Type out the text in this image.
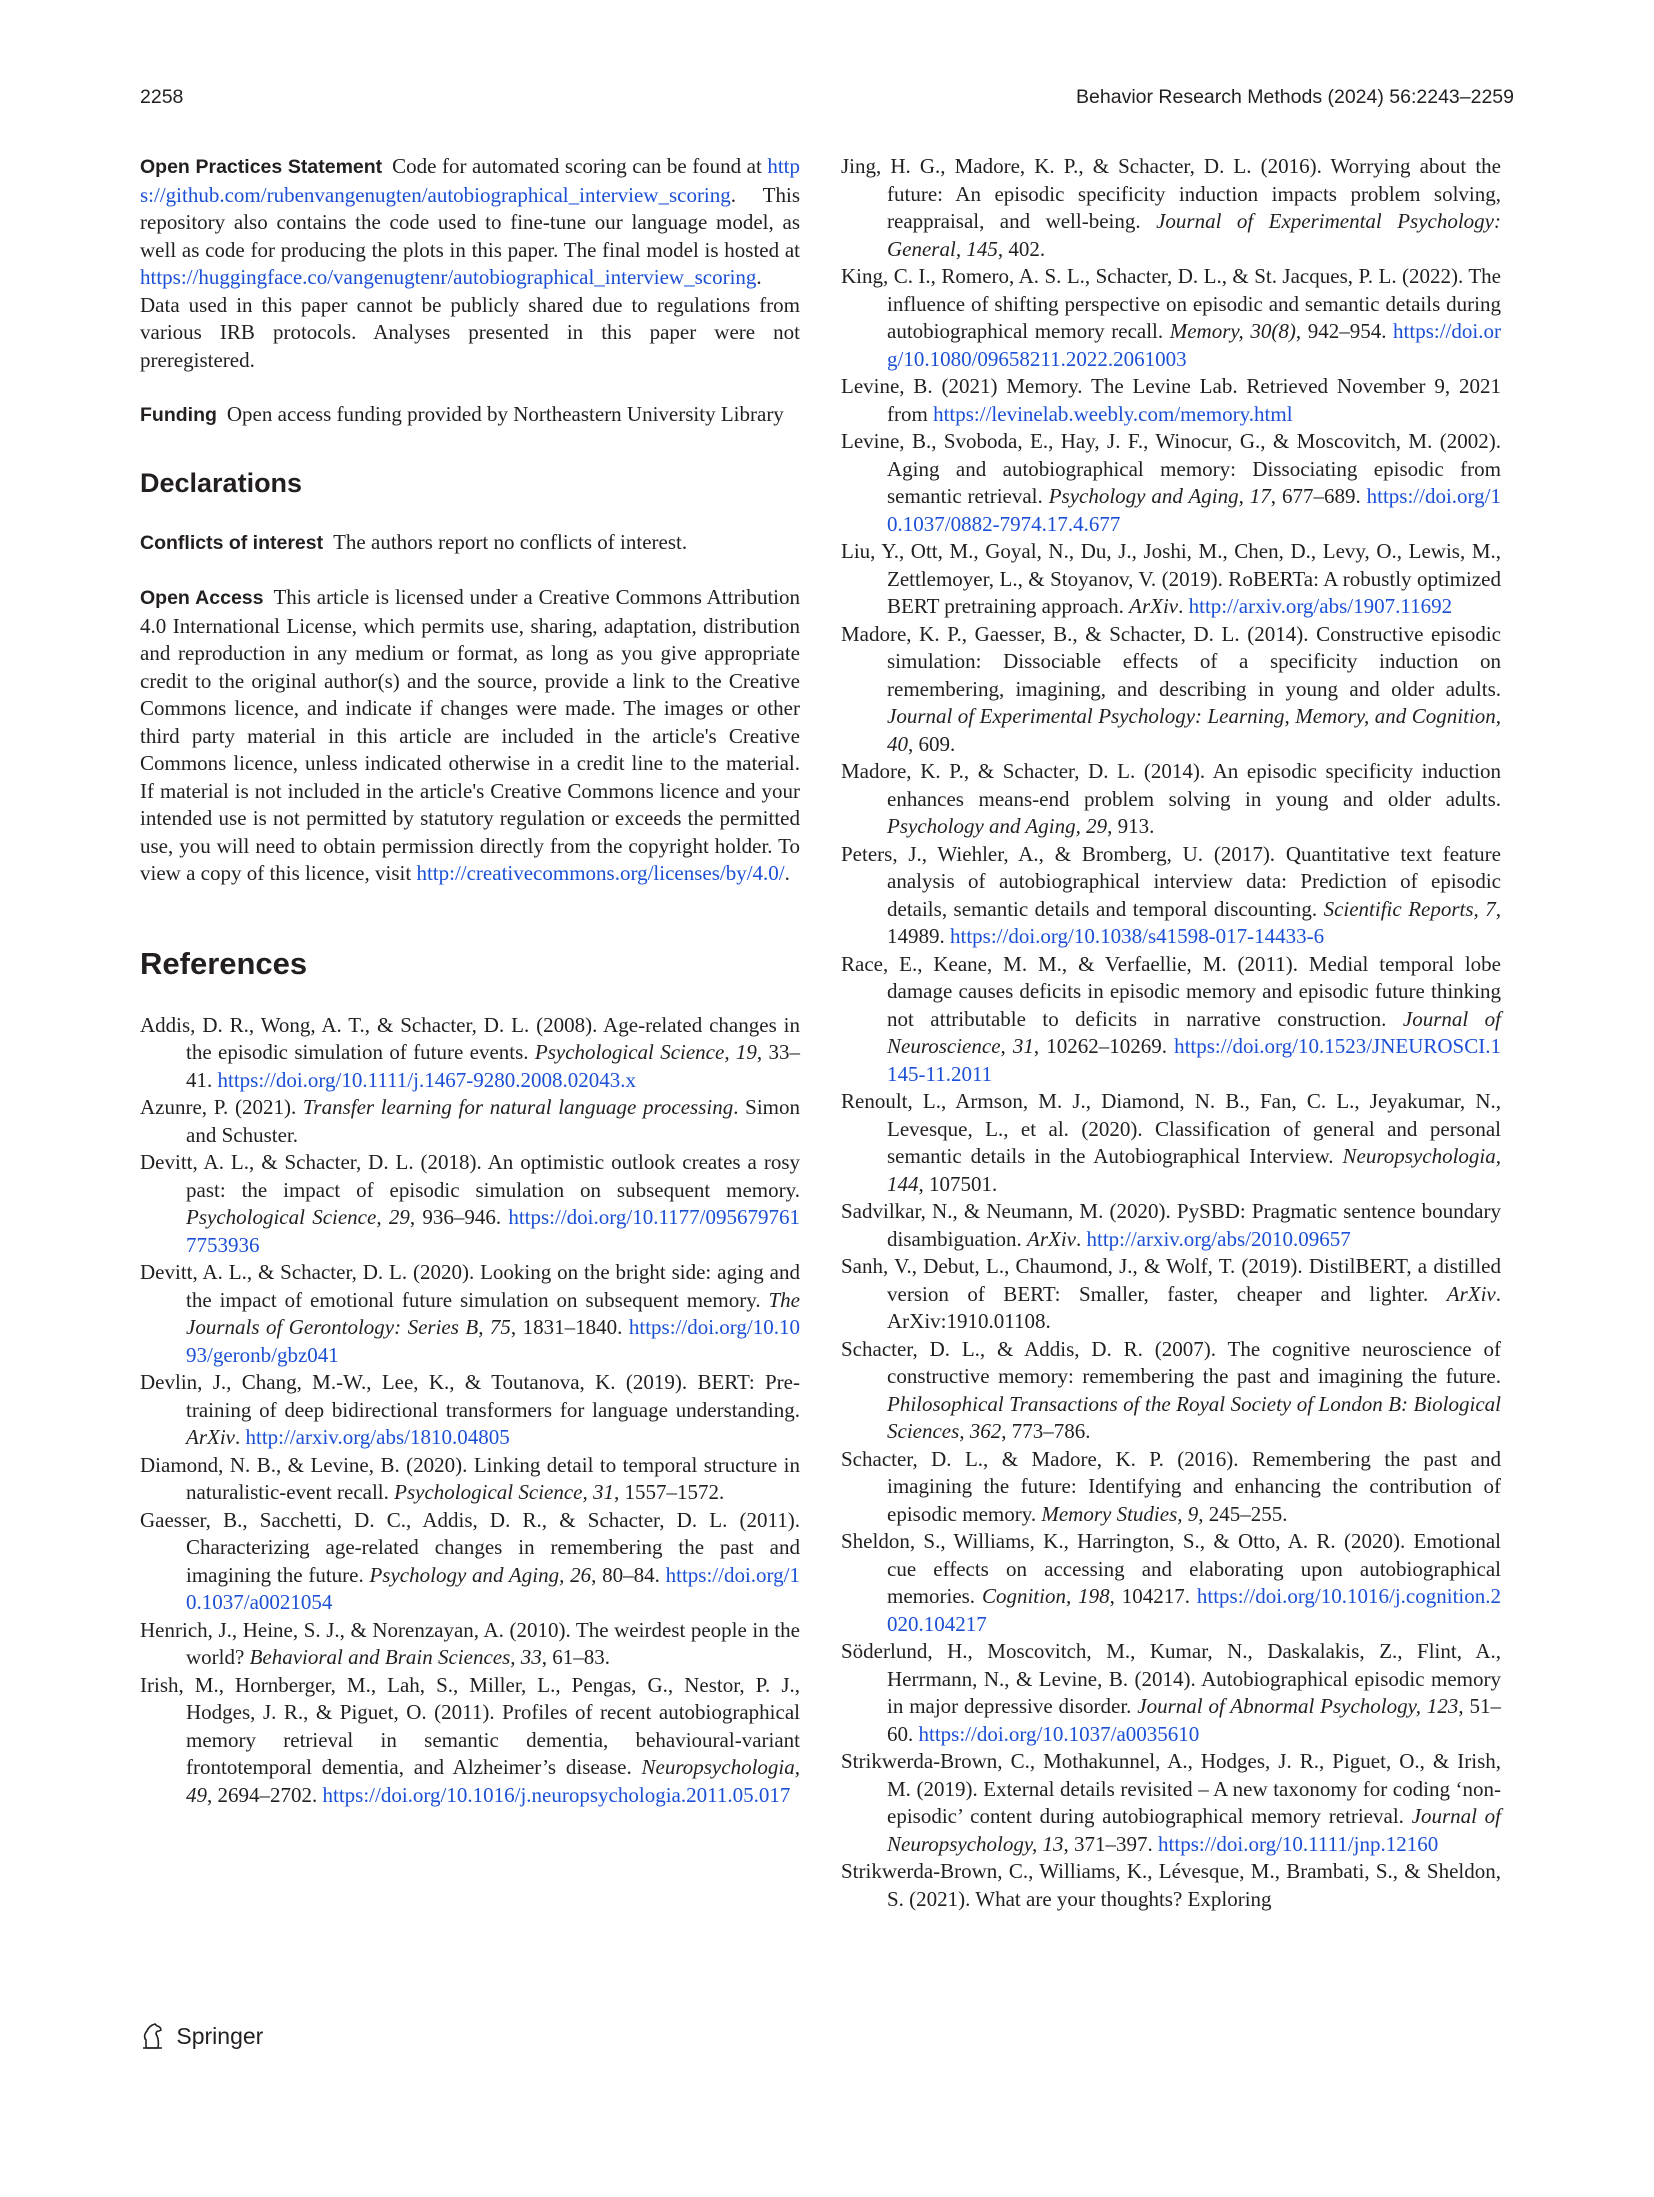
2258	Behavior Research Methods (2024) 56:2243–2259

Open Practices Statement Code for automated scoring can be found at https://github.com/rubenvangenugten/autobiographical_interview_scoring. This repository also contains the code used to fine-tune our language model, as well as code for producing the plots in this paper. The final model is hosted at https://huggingface.co/vangenugtenr/autobiographical_interview_scoring. Data used in this paper cannot be publicly shared due to regulations from various IRB protocols. Analyses presented in this paper were not preregistered.

Funding Open access funding provided by Northeastern University Library

Declarations

Conflicts of interest The authors report no conflicts of interest.

Open Access This article is licensed under a Creative Commons Attribution 4.0 International License, which permits use, sharing, adaptation, distribution and reproduction in any medium or format, as long as you give appropriate credit to the original author(s) and the source, provide a link to the Creative Commons licence, and indicate if changes were made. The images or other third party material in this article are included in the article's Creative Commons licence, unless indicated otherwise in a credit line to the material. If material is not included in the article's Creative Commons licence and your intended use is not permitted by statutory regulation or exceeds the permitted use, you will need to obtain permission directly from the copyright holder. To view a copy of this licence, visit http://creativecommons.org/licenses/by/4.0/.

References
Addis, D. R., Wong, A. T., & Schacter, D. L. (2008). Age-related changes in the episodic simulation of future events. Psychological Science, 19, 33–41. https://doi.org/10.1111/j.1467-9280.2008.02043.x
Azunre, P. (2021). Transfer learning for natural language processing. Simon and Schuster.
Devitt, A. L., & Schacter, D. L. (2018). An optimistic outlook creates a rosy past: the impact of episodic simulation on subsequent memory. Psychological Science, 29, 936–946. https://doi.org/10.1177/0956797617753936
Devitt, A. L., & Schacter, D. L. (2020). Looking on the bright side: aging and the impact of emotional future simulation on subsequent memory. The Journals of Gerontology: Series B, 75, 1831–1840. https://doi.org/10.1093/geronb/gbz041
Devlin, J., Chang, M.-W., Lee, K., & Toutanova, K. (2019). BERT: Pre-training of deep bidirectional transformers for language understanding. ArXiv. http://arxiv.org/abs/1810.04805
Diamond, N. B., & Levine, B. (2020). Linking detail to temporal structure in naturalistic-event recall. Psychological Science, 31, 1557–1572.
Gaesser, B., Sacchetti, D. C., Addis, D. R., & Schacter, D. L. (2011). Characterizing age-related changes in remembering the past and imagining the future. Psychology and Aging, 26, 80–84. https://doi.org/10.1037/a0021054
Henrich, J., Heine, S. J., & Norenzayan, A. (2010). The weirdest people in the world? Behavioral and Brain Sciences, 33, 61–83.
Irish, M., Hornberger, M., Lah, S., Miller, L., Pengas, G., Nestor, P. J., Hodges, J. R., & Piguet, O. (2011). Profiles of recent autobiographical memory retrieval in semantic dementia, behavioural-variant frontotemporal dementia, and Alzheimer’s disease. Neuropsychologia, 49, 2694–2702. https://doi.org/10.1016/j.neuropsychologia.2011.05.017
Jing, H. G., Madore, K. P., & Schacter, D. L. (2016). Worrying about the future: An episodic specificity induction impacts problem solving, reappraisal, and well-being. Journal of Experimental Psychology: General, 145, 402.
King, C. I., Romero, A. S. L., Schacter, D. L., & St. Jacques, P. L. (2022). The influence of shifting perspective on episodic and semantic details during autobiographical memory recall. Memory, 30(8), 942–954. https://doi.org/10.1080/09658211.2022.2061003
Levine, B. (2021) Memory. The Levine Lab. Retrieved November 9, 2021 from https://levinelab.weebly.com/memory.html
Levine, B., Svoboda, E., Hay, J. F., Winocur, G., & Moscovitch, M. (2002). Aging and autobiographical memory: Dissociating episodic from semantic retrieval. Psychology and Aging, 17, 677–689. https://doi.org/10.1037/0882-7974.17.4.677
Liu, Y., Ott, M., Goyal, N., Du, J., Joshi, M., Chen, D., Levy, O., Lewis, M., Zettlemoyer, L., & Stoyanov, V. (2019). RoBERTa: A robustly optimized BERT pretraining approach. ArXiv. http://arxiv.org/abs/1907.11692
Madore, K. P., Gaesser, B., & Schacter, D. L. (2014). Constructive episodic simulation: Dissociable effects of a specificity induction on remembering, imagining, and describing in young and older adults. Journal of Experimental Psychology: Learning, Memory, and Cognition, 40, 609.
Madore, K. P., & Schacter, D. L. (2014). An episodic specificity induction enhances means-end problem solving in young and older adults. Psychology and Aging, 29, 913.
Peters, J., Wiehler, A., & Bromberg, U. (2017). Quantitative text feature analysis of autobiographical interview data: Prediction of episodic details, semantic details and temporal discounting. Scientific Reports, 7, 14989. https://doi.org/10.1038/s41598-017-14433-6
Race, E., Keane, M. M., & Verfaellie, M. (2011). Medial temporal lobe damage causes deficits in episodic memory and episodic future thinking not attributable to deficits in narrative construction. Journal of Neuroscience, 31, 10262–10269. https://doi.org/10.1523/JNEUROSCI.1145-11.2011
Renoult, L., Armson, M. J., Diamond, N. B., Fan, C. L., Jeyakumar, N., Levesque, L., et al. (2020). Classification of general and personal semantic details in the Autobiographical Interview. Neuropsychologia, 144, 107501.
Sadvilkar, N., & Neumann, M. (2020). PySBD: Pragmatic sentence boundary disambiguation. ArXiv. http://arxiv.org/abs/2010.09657
Sanh, V., Debut, L., Chaumond, J., & Wolf, T. (2019). DistilBERT, a distilled version of BERT: Smaller, faster, cheaper and lighter. ArXiv. ArXiv:1910.01108.
Schacter, D. L., & Addis, D. R. (2007). The cognitive neuroscience of constructive memory: remembering the past and imagining the future. Philosophical Transactions of the Royal Society of London B: Biological Sciences, 362, 773–786.
Schacter, D. L., & Madore, K. P. (2016). Remembering the past and imagining the future: Identifying and enhancing the contribution of episodic memory. Memory Studies, 9, 245–255.
Sheldon, S., Williams, K., Harrington, S., & Otto, A. R. (2020). Emotional cue effects on accessing and elaborating upon autobiographical memories. Cognition, 198, 104217. https://doi.org/10.1016/j.cognition.2020.104217
Söderlund, H., Moscovitch, M., Kumar, N., Daskalakis, Z., Flint, A., Herrmann, N., & Levine, B. (2014). Autobiographical episodic memory in major depressive disorder. Journal of Abnormal Psychology, 123, 51–60. https://doi.org/10.1037/a0035610
Strikwerda-Brown, C., Mothakunnel, A., Hodges, J. R., Piguet, O., & Irish, M. (2019). External details revisited – A new taxonomy for coding ‘non-episodic’ content during autobiographical memory retrieval. Journal of Neuropsychology, 13, 371–397. https://doi.org/10.1111/jnp.12160
Strikwerda-Brown, C., Williams, K., Lévesque, M., Brambati, S., & Sheldon, S. (2021). What are your thoughts? Exploring
Springer
